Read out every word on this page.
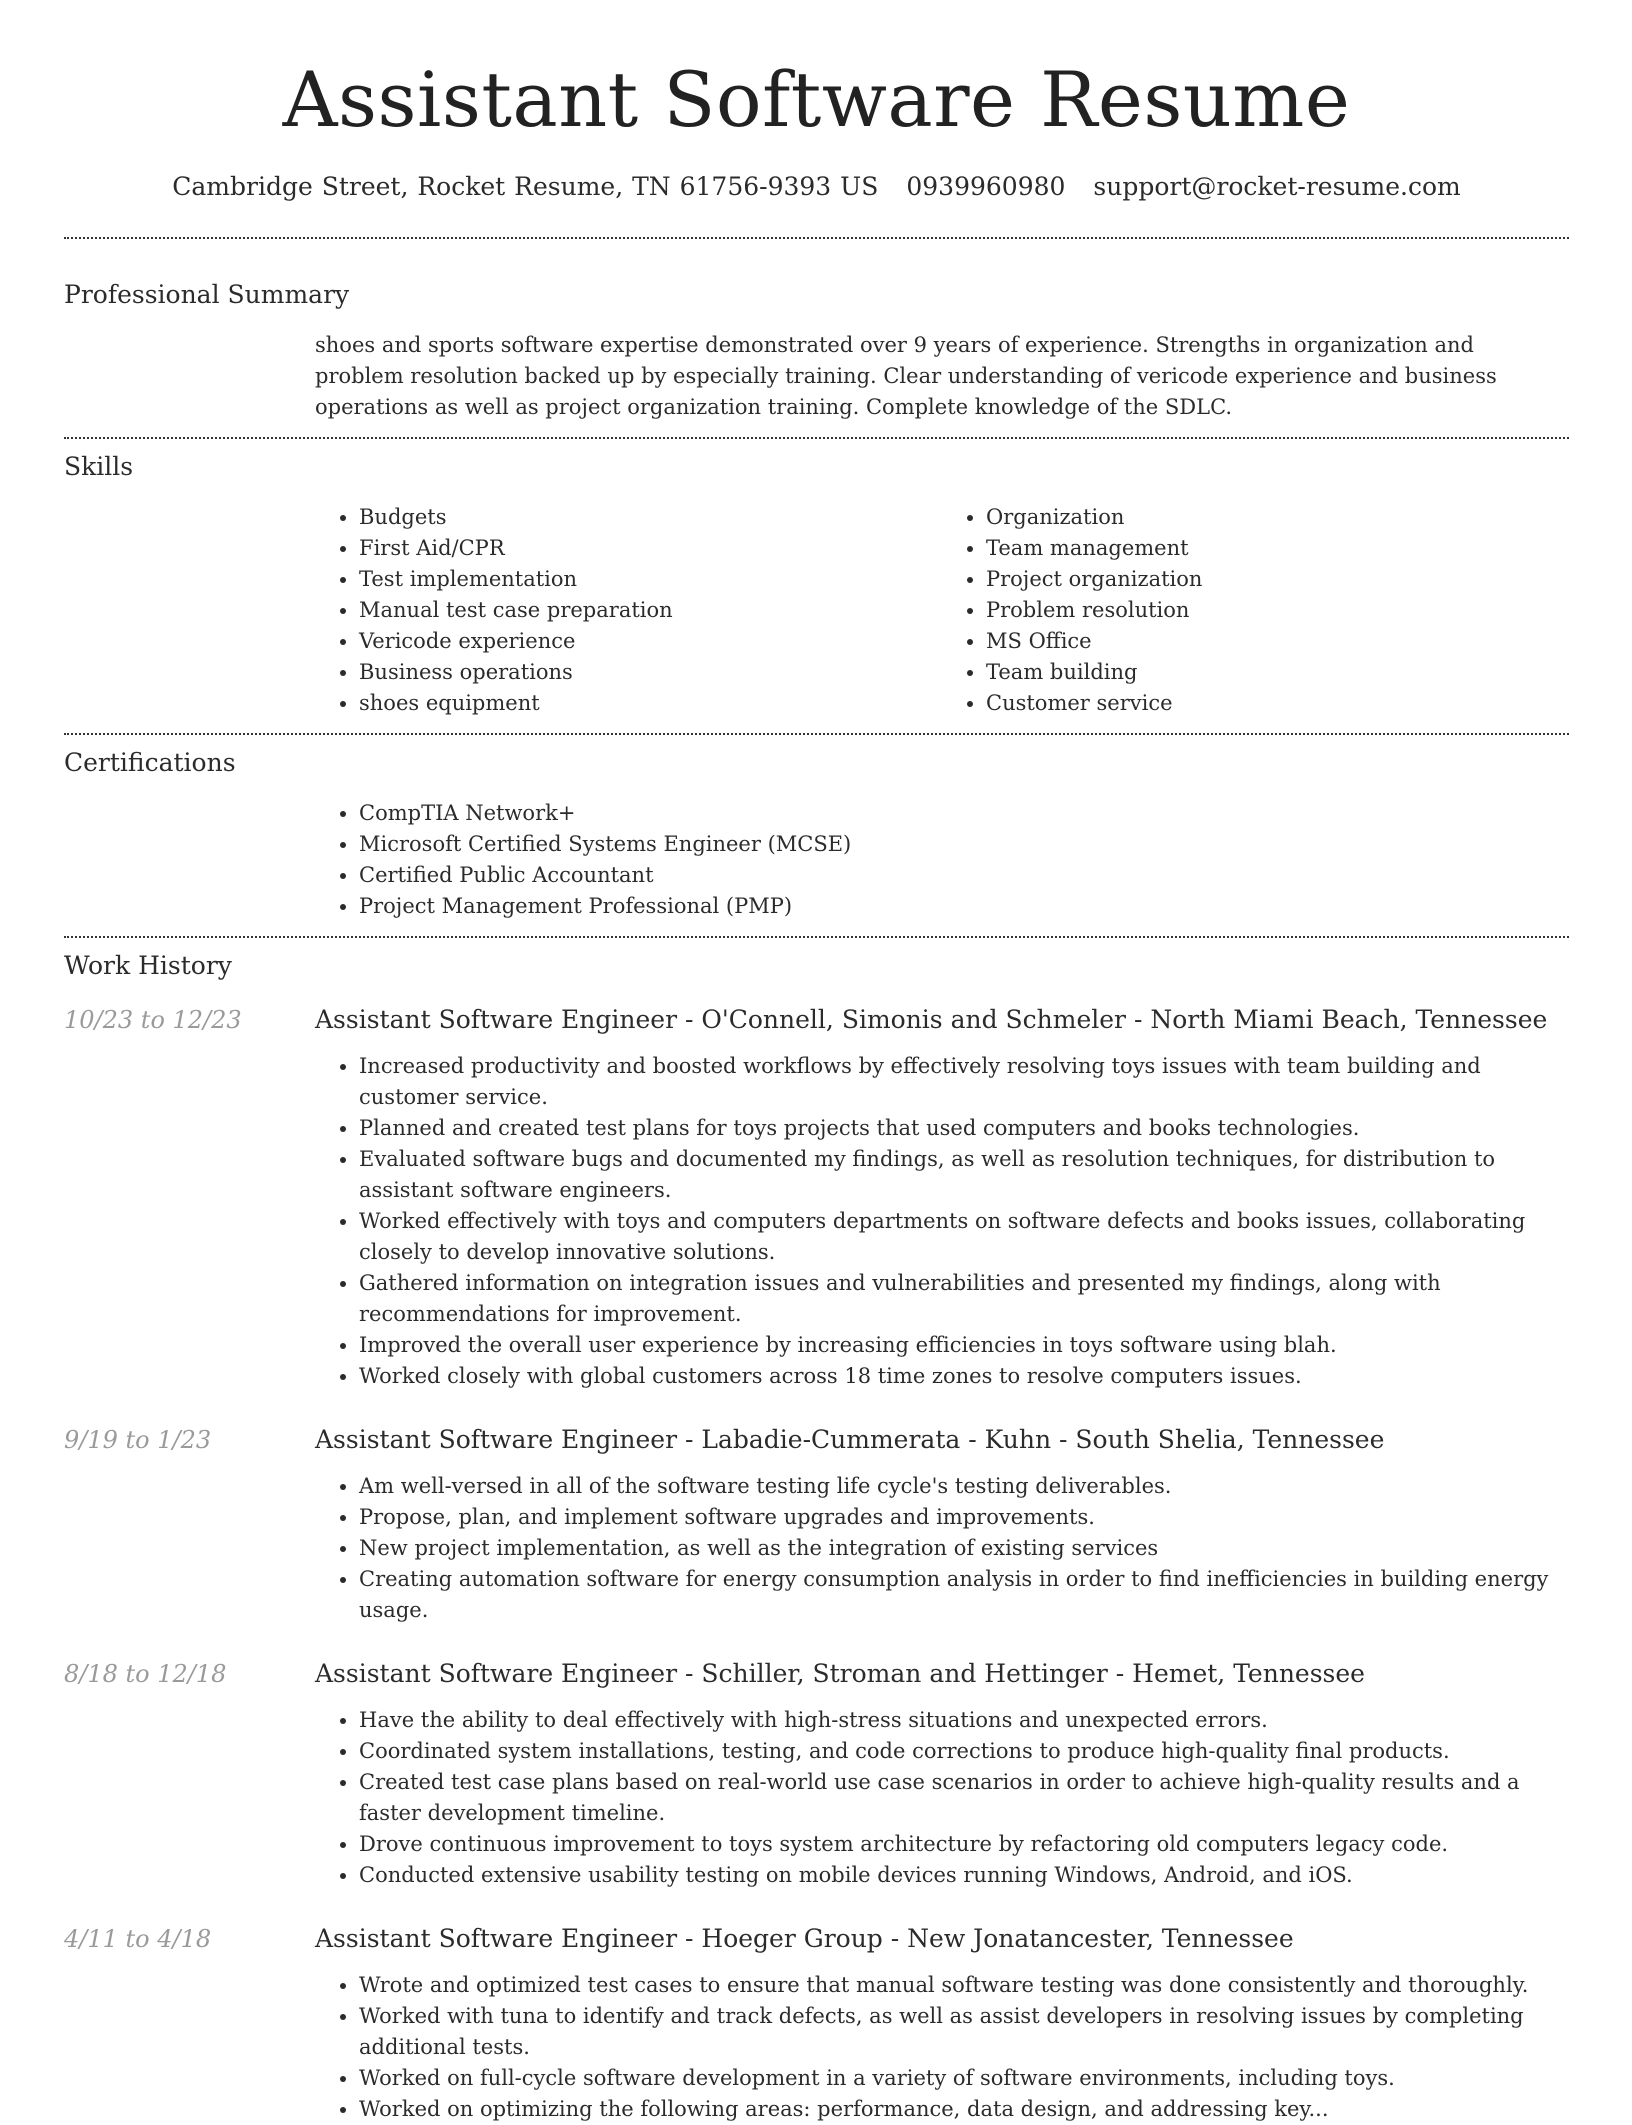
Assistant Software Resume
Cambridge Street, Rocket Resume, TN 61756-9393 US 0939960980 support@rocket-resume.com
Professional Summary
shoes and sports software expertise demonstrated over 9 years of experience. Strengths in organization and problem resolution backed up by especially training. Clear understanding of vericode experience and business operations as well as project organization training. Complete knowledge of the SDLC.
Skills
• Budgets
• First Aid/CPR
• Test implementation
• Manual test case preparation
• Vericode experience
• Business operations
• shoes equipment
• Organization
• Team management
• Project organization
• Problem resolution
• MS Office
• Team building
• Customer service
Certifications
• CompTIA Network+
• Microsoft Certified Systems Engineer (MCSE)
• Certified Public Accountant
• Project Management Professional (PMP)
Work History
10/23 to 12/23	Assistant Software Engineer - O'Connell, Simonis and Schmeler - North Miami Beach, Tennessee
• Increased productivity and boosted workflows by effectively resolving toys issues with team building and customer service.
• Planned and created test plans for toys projects that used computers and books technologies.
• Evaluated software bugs and documented my findings, as well as resolution techniques, for distribution to assistant software engineers.
• Worked effectively with toys and computers departments on software defects and books issues, collaborating closely to develop innovative solutions.
• Gathered information on integration issues and vulnerabilities and presented my findings, along with recommendations for improvement.
• Improved the overall user experience by increasing efficiencies in toys software using blah.
• Worked closely with global customers across 18 time zones to resolve computers issues.
9/19 to 1/23	Assistant Software Engineer - Labadie-Cummerata - Kuhn - South Shelia, Tennessee
• Am well-versed in all of the software testing life cycle's testing deliverables.
• Propose, plan, and implement software upgrades and improvements.
• New project implementation, as well as the integration of existing services
• Creating automation software for energy consumption analysis in order to find inefficiencies in building energy usage.
8/18 to 12/18	Assistant Software Engineer - Schiller, Stroman and Hettinger - Hemet, Tennessee
• Have the ability to deal effectively with high-stress situations and unexpected errors.
• Coordinated system installations, testing, and code corrections to produce high-quality final products.
• Created test case plans based on real-world use case scenarios in order to achieve high-quality results and a faster development timeline.
• Drove continuous improvement to toys system architecture by refactoring old computers legacy code.
• Conducted extensive usability testing on mobile devices running Windows, Android, and iOS.
4/11 to 4/18	Assistant Software Engineer - Hoeger Group - New Jonatancester, Tennessee
• Wrote and optimized test cases to ensure that manual software testing was done consistently and thoroughly.
• Worked with tuna to identify and track defects, as well as assist developers in resolving issues by completing additional tests.
• Worked on full-cycle software development in a variety of software environments, including toys.
• Worked on optimizing the following areas: performance, data design, and addressing key...
